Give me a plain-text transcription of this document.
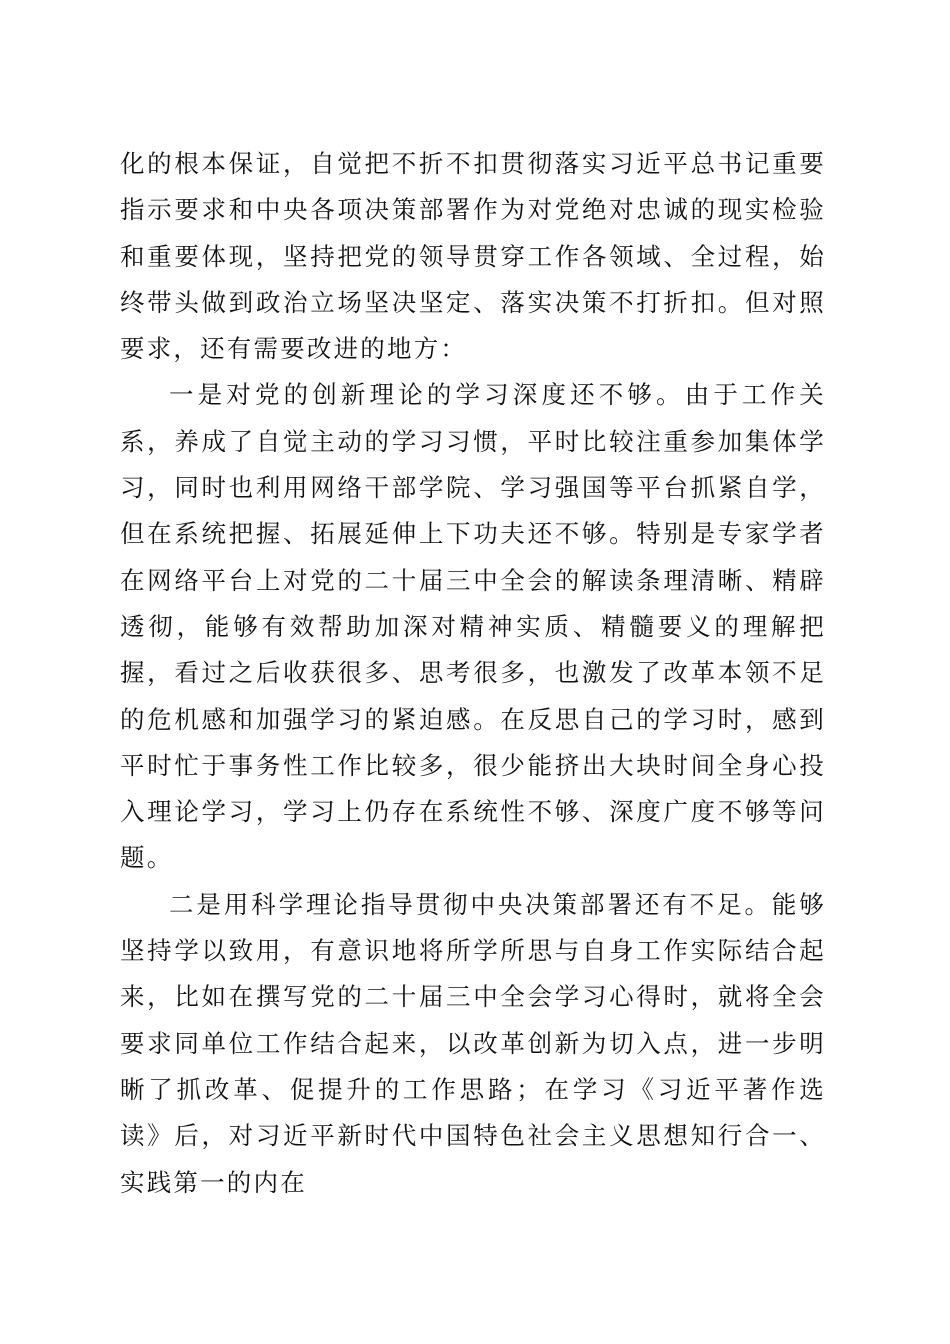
化的根本保证，自觉把不折不扣贯彻落实习近平总书记重要指示要求和中央各项决策部署作为对党绝对忠诚的现实检验和重要体现，坚持把党的领导贯穿工作各领域、全过程，始终带头做到政治立场坚决坚定、落实决策不打折扣。但对照要求，还有需要改进的地方：

一是对党的创新理论的学习深度还不够。由于工作关系，养成了自觉主动的学习习惯，平时比较注重参加集体学习，同时也利用网络干部学院、学习强国等平台抓紧自学，但在系统把握、拓展延伸上下功夫还不够。特别是专家学者在网络平台上对党的二十届三中全会的解读条理清晰、精辟透彻，能够有效帮助加深对精神实质、精髓要义的理解把握，看过之后收获很多、思考很多，也激发了改革本领不足的危机感和加强学习的紧迫感。在反思自己的学习时，感到平时忙于事务性工作比较多，很少能挤出大块时间全身心投入理论学习，学习上仍存在系统性不够、深度广度不够等问题。

二是用科学理论指导贯彻中央决策部署还有不足。能够坚持学以致用，有意识地将所学所思与自身工作实际结合起来，比如在撰写党的二十届三中全会学习心得时，就将全会要求同单位工作结合起来，以改革创新为切入点，进一步明晰了抓改革、促提升的工作思路；在学习《习近平著作选读》后，对习近平新时代中国特色社会主义思想知行合一、实践第一的内在
